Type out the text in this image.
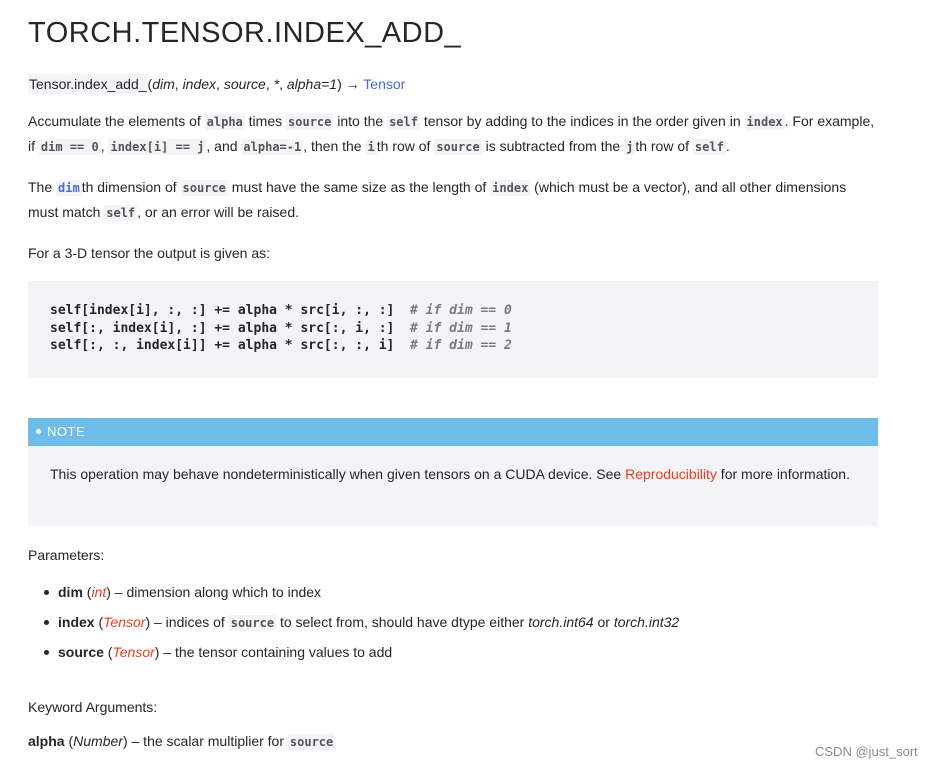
TORCH.TENSOR.INDEX_ADD_
Tensor.index_add_(dim, index, source, *, alpha=1) → Tensor

Accumulate the elements of alpha times source into the self tensor by adding to the indices in the order given in index . For example, if dim == 0 , index[i] == j , and alpha=-1 , then the i th row of source is subtracted from the j th row of self .

The dim th dimension of source must have the same size as the length of index (which must be a vector), and all other dimensions must match self , or an error will be raised.

For a 3-D tensor the output is given as:

self[index[i], :, :] += alpha * src[i, :, :]  # if dim == 0
self[:, index[i], :] += alpha * src[:, i, :]  # if dim == 1
self[:, :, index[i]] += alpha * src[:, :, i]  # if dim == 2
NOTE

This operation may behave nondeterministically when given tensors on a CUDA device. See Reproducibility for more information.

Parameters:
dim (int) – dimension along which to index
index (Tensor) – indices of source to select from, should have dtype either torch.int64 or torch.int32
source (Tensor) – the tensor containing values to add
Keyword Arguments:
alpha (Number) – the scalar multiplier for source
CSDN @just_sort
